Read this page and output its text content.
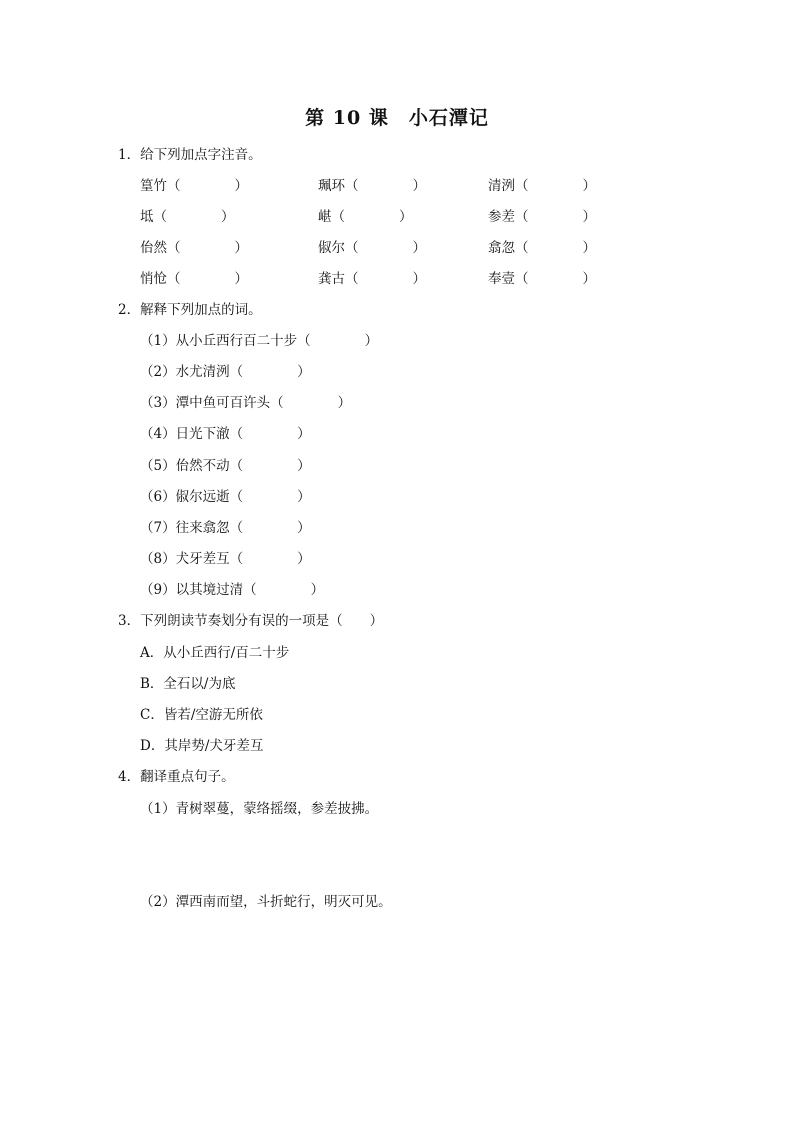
第 10 课　小石潭记
1．给下列加点字注音。
篁竹（　　　　）	珮环（　　　　）	清洌（　　　　）
坻（　　　　）	嵁（　　　　）	参差（　　　　）
佁然（　　　　）	俶尔（　　　　）	翕忽（　　　　）
悄怆（　　　　）	龚古（　　　　）	奉壹（　　　　）
2．解释下列加点的词。
（1）从小丘西行百二十步（　　　　）
（2）水尤清洌（　　　　）
（3）潭中鱼可百许头（　　　　）
（4）日光下澈（　　　　）
（5）佁然不动（　　　　）
（6）俶尔远逝（　　　　）
（7）往来翕忽（　　　　）
（8）犬牙差互（　　　　）
（9）以其境过清（　　　　）
3．下列朗读节奏划分有误的一项是（　　）
A．从小丘西行/百二十步
B．全石以/为底
C．皆若/空游无所依
D．其岸势/犬牙差互
4．翻译重点句子。
（1）青树翠蔓，蒙络摇缀，参差披拂。
（2）潭西南而望，斗折蛇行，明灭可见。
